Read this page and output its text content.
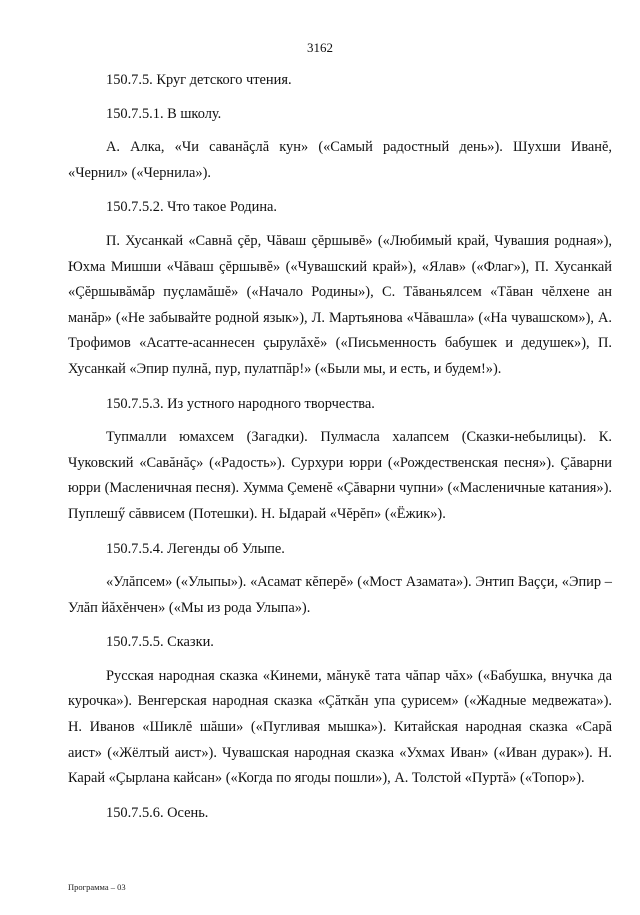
3162

150.7.5. Круг детского чтения.

150.7.5.1. В школу.

А. Алка, «Чи саванăçлă кун» («Самый радостный день»). Шухши Иванĕ, «Чернил» («Чернила»).

150.7.5.2. Что такое Родина.

П. Хусанкай «Савнă çĕр, Чăваш çĕршывĕ» («Любимый край, Чувашия родная»), Юхма Мишши «Чăваш çĕршывĕ» («Чувашский край»), «Ялав» («Флаг»), П. Хусанкай «Çĕршывăмăр пуçламăшĕ» («Начало Родины»), С. Тăваньялсем «Тăван чĕлхене ан манăр» («Не забывайте родной язык»), Л. Мартьянова «Чăвашла» («На чувашском»), А. Трофимов «Асатте-асаннесен çырулăхĕ» («Письменность бабушек и дедушек»), П. Хусанкай «Эпир пулнă, пур, пулатпăр!» («Были мы, и есть, и будем!»).

150.7.5.3. Из устного народного творчества.

Тупмалли юмахсем (Загадки). Пулмасла халапсем (Сказки-небылицы). К. Чуковский «Савăнăç» («Радость»). Сурхури юрри («Рождественская песня»). Çăварни юрри (Масленичная песня). Хумма Çеменĕ «Çăварни чупни» («Масленичные катания»). Пуплешӳ сăввисем (Потешки). Н. Ыдарай «Чĕрĕп» («Ёжик»).

150.7.5.4. Легенды об Улыпе.

«Улăпсем» («Улыпы»). «Асамат кĕперĕ» («Мост Азамата»). Энтип Ваççи, «Эпир – Улăп йăхĕнчен» («Мы из рода Улыпа»).

150.7.5.5. Сказки.

Русская народная сказка «Кинеми, мăнукĕ тата чăпар чăх» («Бабушка, внучка да курочка»). Венгерская народная сказка «Çăткăн упа çурисем» («Жадные медвежата»). Н. Иванов «Шиклĕ шăши» («Пугливая мышка»). Китайская народная сказка «Сарă аист» («Жёлтый аист»). Чувашская народная сказка «Ухмах Иван» («Иван дурак»). Н. Карай «Çырлана кайсан» («Когда по ягоды пошли»), А. Толстой «Пуртă» («Топор»).

150.7.5.6. Осень.

Программа – 03
